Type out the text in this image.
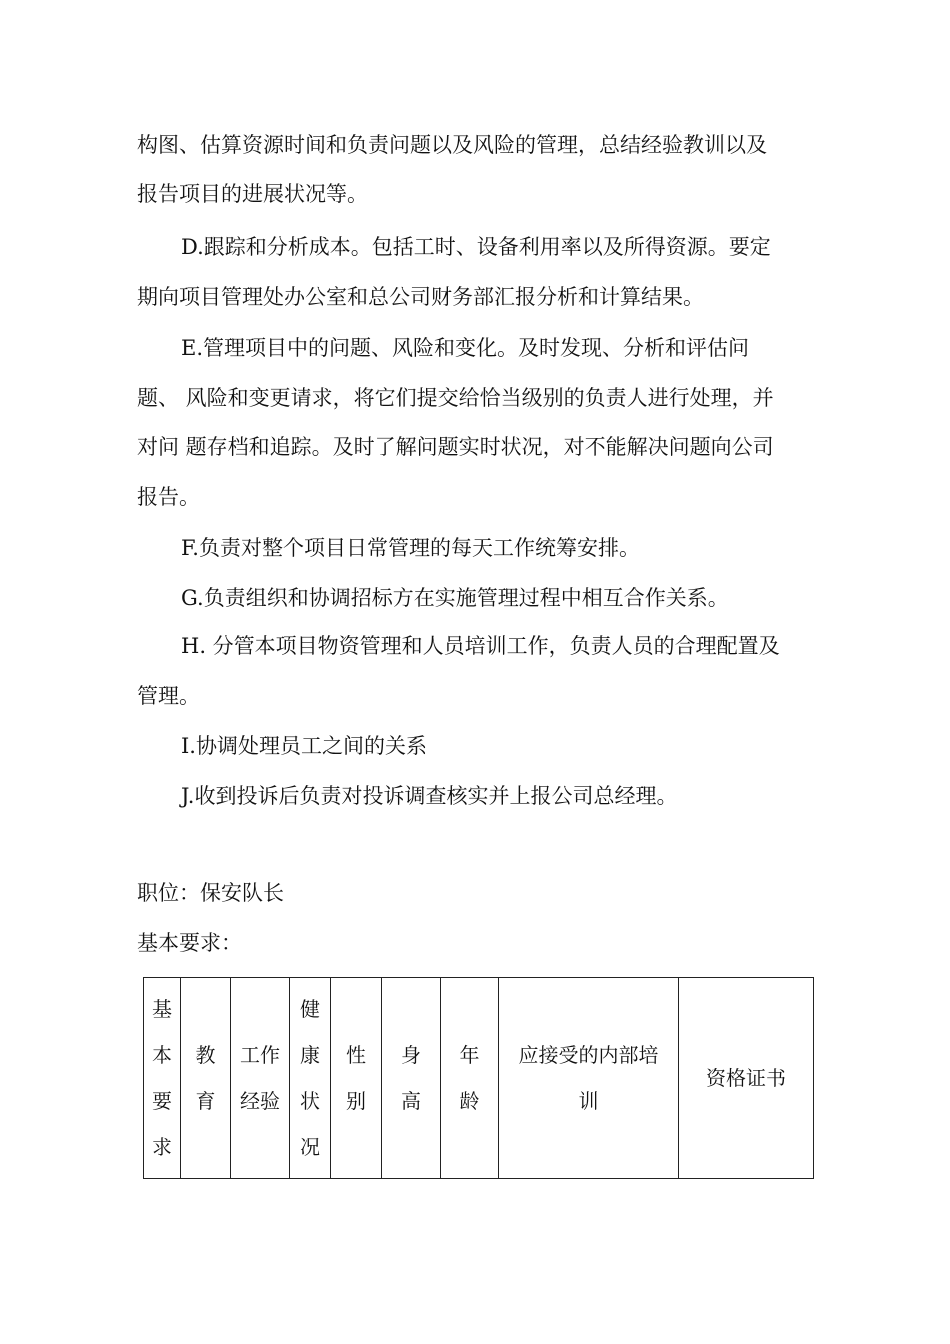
构图、估算资源时间和负责问题以及风险的管理，总结经验教训以及

报告项目的进展状况等。

D.跟踪和分析成本。包括工时、设备利用率以及所得资源。要定

期向项目管理处办公室和总公司财务部汇报分析和计算结果。

E.管理项目中的问题、风险和变化。及时发现、分析和评估问

题、 风险和变更请求，将它们提交给恰当级别的负责人进行处理，并

对问 题存档和追踪。及时了解问题实时状况，对不能解决问题向公司

报告。

F.负责对整个项目日常管理的每天工作统筹安排。

G.负责组织和协调招标方在实施管理过程中相互合作关系。

H. 分管本项目物资管理和人员培训工作，负责人员的合理配置及

管理。

I.协调处理员工之间的关系

J.收到投诉后负责对投诉调查核实并上报公司总经理。

职位：保安队长

基本要求：

基本要求	教育	工作经验	健康状况	性别	身高	年龄	应接受的内部培训	资格证书
